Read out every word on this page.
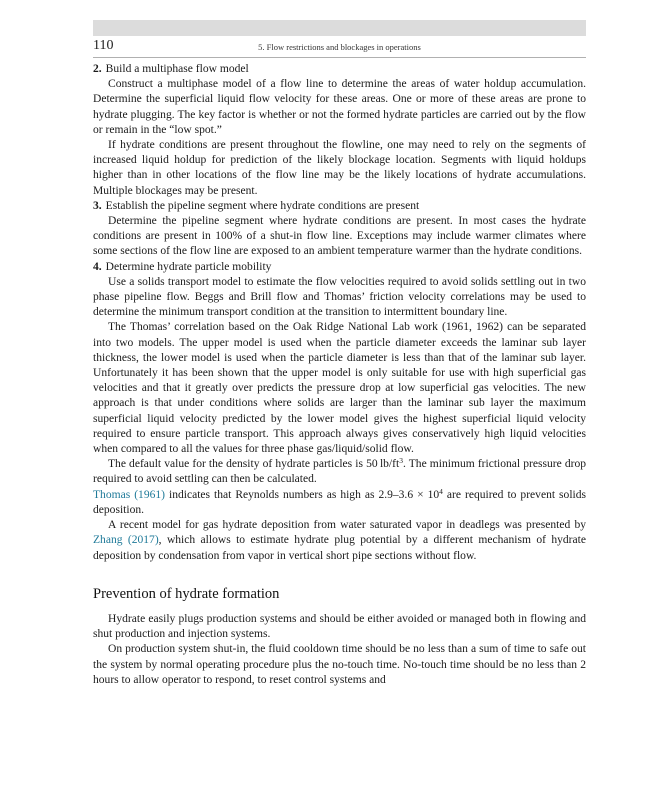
110	5. Flow restrictions and blockages in operations

2. Build a multiphase flow model

Construct a multiphase model of a flow line to determine the areas of water holdup accumulation. Determine the superficial liquid flow velocity for these areas. One or more of these areas are prone to hydrate plugging. The key factor is whether or not the formed hydrate particles are carried out by the flow or remain in the “low spot.”

If hydrate conditions are present throughout the flowline, one may need to rely on the segments of increased liquid holdup for prediction of the likely blockage location. Segments with liquid holdups higher than in other locations of the flow line may be the likely locations of hydrate accumulations. Multiple blockages may be present.

3. Establish the pipeline segment where hydrate conditions are present

Determine the pipeline segment where hydrate conditions are present. In most cases the hydrate conditions are present in 100% of a shut-in flow line. Exceptions may include warmer climates where some sections of the flow line are exposed to an ambient temperature warmer than the hydrate conditions.

4. Determine hydrate particle mobility

Use a solids transport model to estimate the flow velocities required to avoid solids settling out in two phase pipeline flow. Beggs and Brill flow and Thomas’ friction velocity correlations may be used to determine the minimum transport condition at the transition to intermittent boundary line.

The Thomas’ correlation based on the Oak Ridge National Lab work (1961, 1962) can be separated into two models. The upper model is used when the particle diameter exceeds the laminar sub layer thickness, the lower model is used when the particle diameter is less than that of the laminar sub layer. Unfortunately it has been shown that the upper model is only suitable for use with high superficial gas velocities and that it greatly over predicts the pressure drop at low superficial gas velocities. The new approach is that under conditions where solids are larger than the laminar sub layer the maximum superficial liquid velocity predicted by the lower model gives the highest superficial liquid velocity required to ensure particle transport. This approach always gives conservatively high liquid velocities when compared to all the values for three phase gas/liquid/solid flow.

The default value for the density of hydrate particles is 50 $lb/ft^3$. The minimum frictional pressure drop required to avoid settling can then be calculated.

Thomas (1961) indicates that Reynolds numbers as high as $2.9-3.6 \times 10^4$ are required to prevent solids deposition.

A recent model for gas hydrate deposition from water saturated vapor in deadlegs was presented by Zhang (2017), which allows to estimate hydrate plug potential by a different mechanism of hydrate deposition by condensation from vapor in vertical short pipe sections without flow.

Prevention of hydrate formation

Hydrate easily plugs production systems and should be either avoided or managed both in flowing and shut production and injection systems.

On production system shut-in, the fluid cooldown time should be no less than a sum of time to safe out the system by normal operating procedure plus the no-touch time. No-touch time should be no less than 2 hours to allow operator to respond, to reset control systems and
